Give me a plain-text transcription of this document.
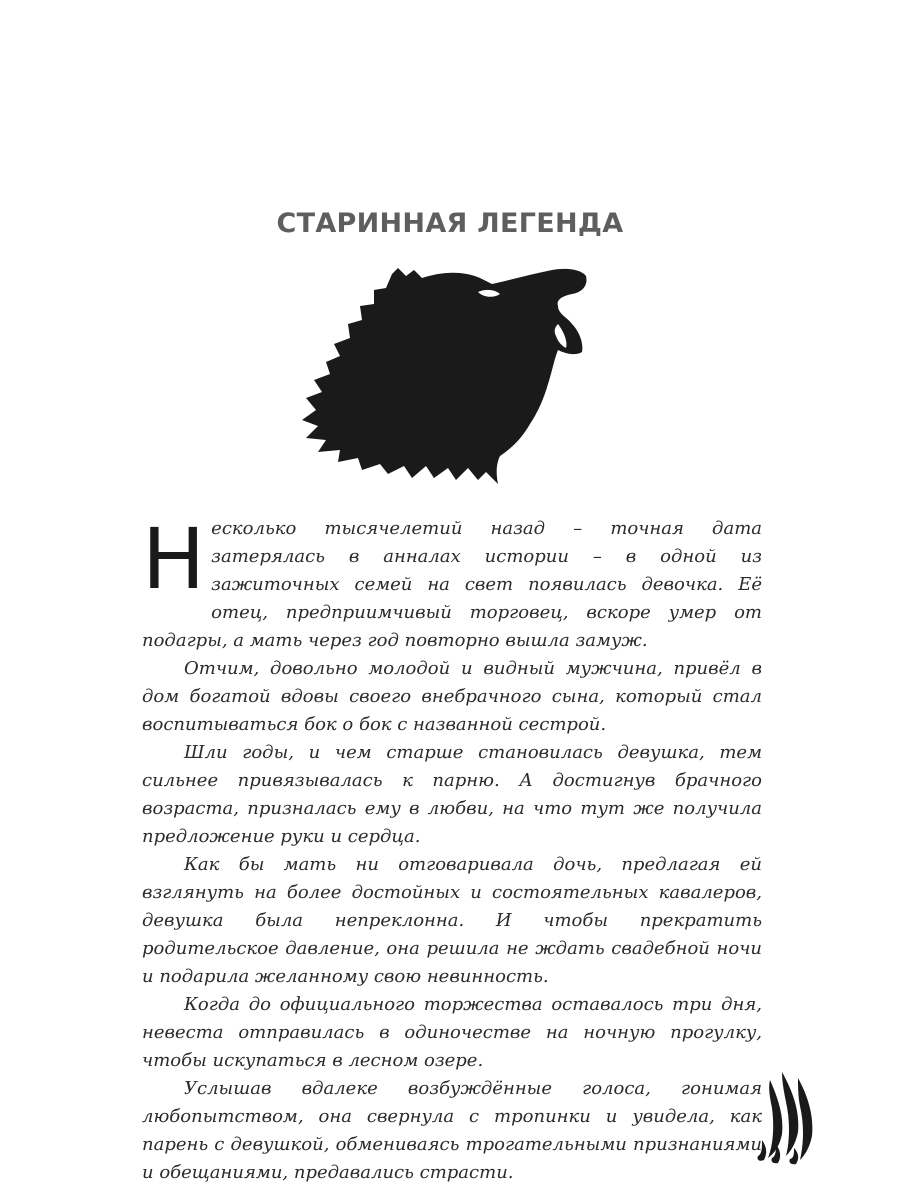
СТАРИННАЯ ЛЕГЕНДА

Несколько тысячелетий назад – точная дата затерялась в анналах истории – в одной из зажиточных семей на свет появилась девочка. Её отец, предприимчивый торговец, вскоре умер от подагры, а мать через год повторно вышла замуж.

Отчим, довольно молодой и видный мужчина, привёл в дом богатой вдовы своего внебрачного сына, который стал воспитываться бок о бок с названной сестрой.

Шли годы, и чем старше становилась девушка, тем сильнее привязывалась к парню. А достигнув брачного возраста, призналась ему в любви, на что тут же получила предложение руки и сердца.

Как бы мать ни отговаривала дочь, предлагая ей взглянуть на более достойных и состоятельных кавалеров, девушка была непреклонна. И чтобы прекратить родительское давление, она решила не ждать свадебной ночи и подарила желанному свою невинность.

Когда до официального торжества оставалось три дня, невеста отправилась в одиночестве на ночную прогулку, чтобы искупаться в лесном озере.

Услышав вдалеке возбуждённые голоса, гонимая любопытством, она свернула с тропинки и увидела, как парень с девушкой, обмениваясь трогательными признаниями и обещаниями, предавались страсти.
